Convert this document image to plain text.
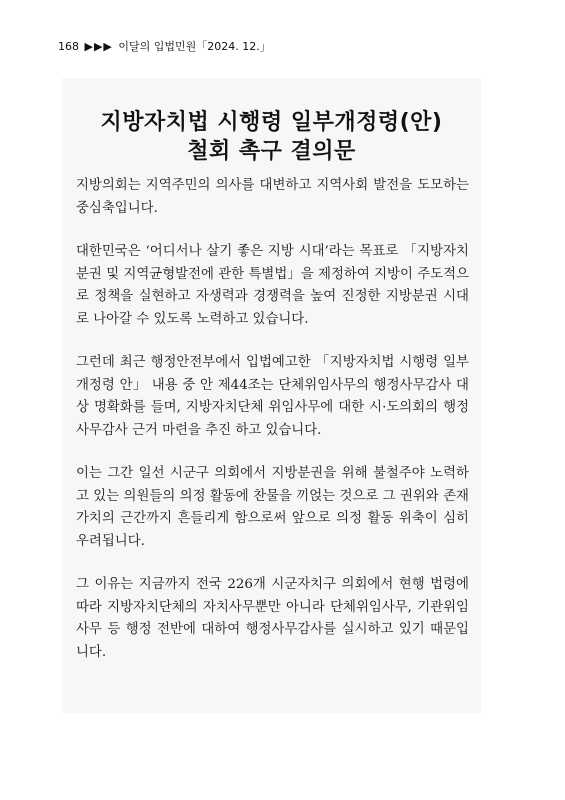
168 ▶▶▶ 이달의 입법민원「2024. 12.」
지방자치법 시행령 일부개정령(안)
철회 촉구 결의문

지방의회는 지역주민의 의사를 대변하고 지역사회 발전을 도모하는 중심축입니다.

대한민국은 ‘어디서나 살기 좋은 지방 시대’라는 목표로 「지방자치분권 및 지역균형발전에 관한 특별법」을 제정하여 지방이 주도적으로 정책을 실현하고 자생력과 경쟁력을 높여 진정한 지방분권 시대로 나아갈 수 있도록 노력하고 있습니다.

그런데 최근 행정안전부에서 입법예고한 「지방자치법 시행령 일부개정령 안」 내용 중 안 제44조는 단체위임사무의 행정사무감사 대상 명확화를 들며, 지방자치단체 위임사무에 대한 시·도의회의 행정사무감사 근거 마련을 추진 하고 있습니다.

이는 그간 일선 시군구 의회에서 지방분권을 위해 불철주야 노력하고 있는 의원들의 의정 활동에 찬물을 끼얹는 것으로 그 권위와 존재 가치의 근간까지 흔들리게 함으로써 앞으로 의정 활동 위축이 심히 우려됩니다.

그 이유는 지금까지 전국 226개 시군자치구 의회에서 현행 법령에 따라 지방자치단체의 자치사무뿐만 아니라 단체위임사무, 기관위임사무 등 행정 전반에 대하여 행정사무감사를 실시하고 있기 때문입니다.
